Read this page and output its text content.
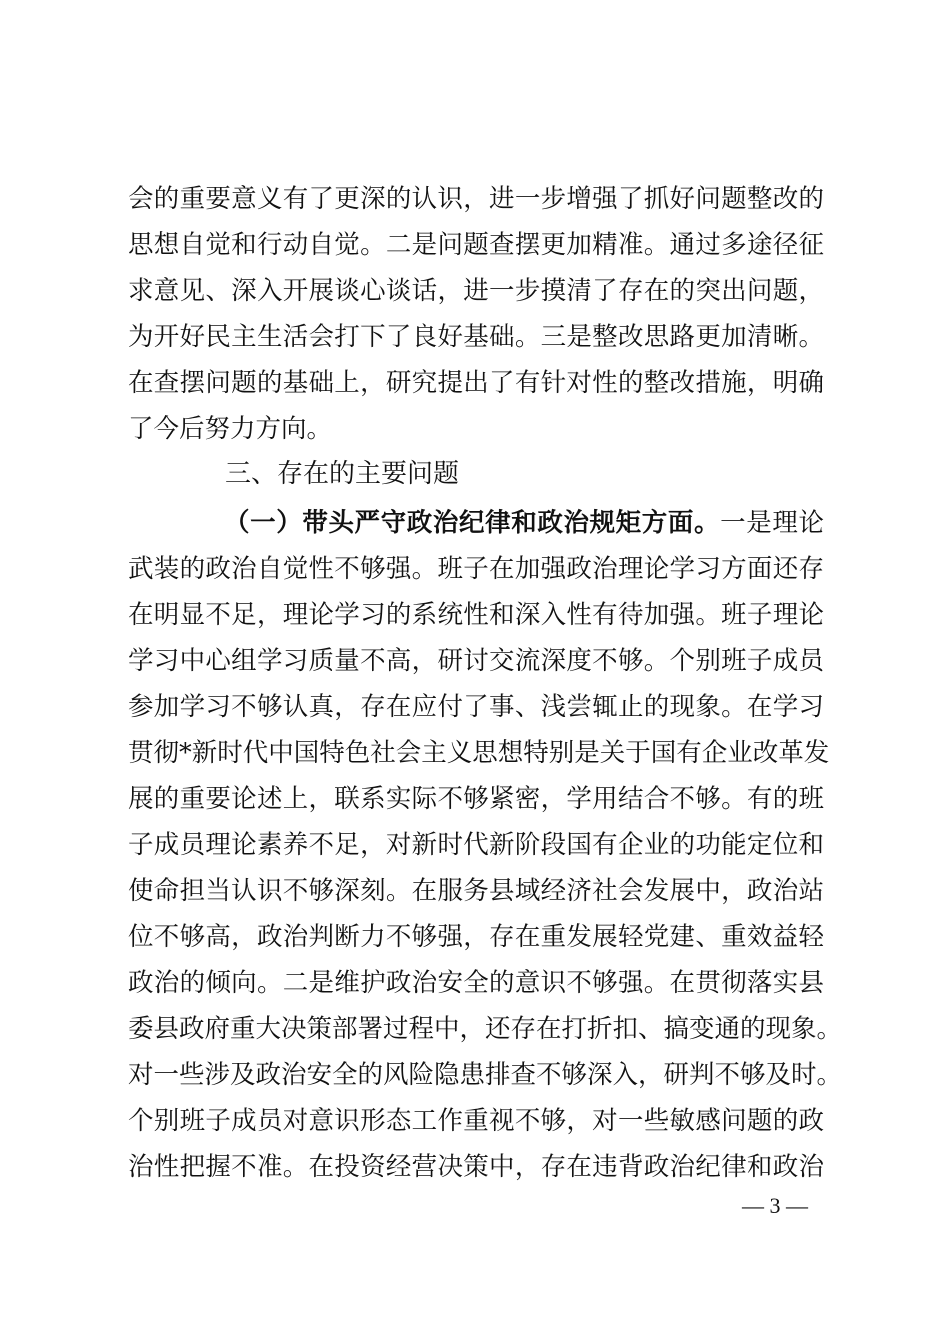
会的重要意义有了更深的认识，进一步增强了抓好问题整改的
思想自觉和行动自觉。二是问题查摆更加精准。通过多途径征
求意见、深入开展谈心谈话，进一步摸清了存在的突出问题，
为开好民主生活会打下了良好基础。三是整改思路更加清晰。
在查摆问题的基础上，研究提出了有针对性的整改措施，明确
了今后努力方向。
三、存在的主要问题
（一）带头严守政治纪律和政治规矩方面。一是理论
武装的政治自觉性不够强。班子在加强政治理论学习方面还存
在明显不足，理论学习的系统性和深入性有待加强。班子理论
学习中心组学习质量不高，研讨交流深度不够。个别班子成员
参加学习不够认真，存在应付了事、浅尝辄止的现象。在学习
贯彻*新时代中国特色社会主义思想特别是关于国有企业改革发
展的重要论述上，联系实际不够紧密，学用结合不够。有的班
子成员理论素养不足，对新时代新阶段国有企业的功能定位和
使命担当认识不够深刻。在服务县域经济社会发展中，政治站
位不够高，政治判断力不够强，存在重发展轻党建、重效益轻
政治的倾向。二是维护政治安全的意识不够强。在贯彻落实县
委县政府重大决策部署过程中，还存在打折扣、搞变通的现象。
对一些涉及政治安全的风险隐患排查不够深入，研判不够及时。
个别班子成员对意识形态工作重视不够，对一些敏感问题的政
治性把握不准。在投资经营决策中，存在违背政治纪律和政治
— 3 —
